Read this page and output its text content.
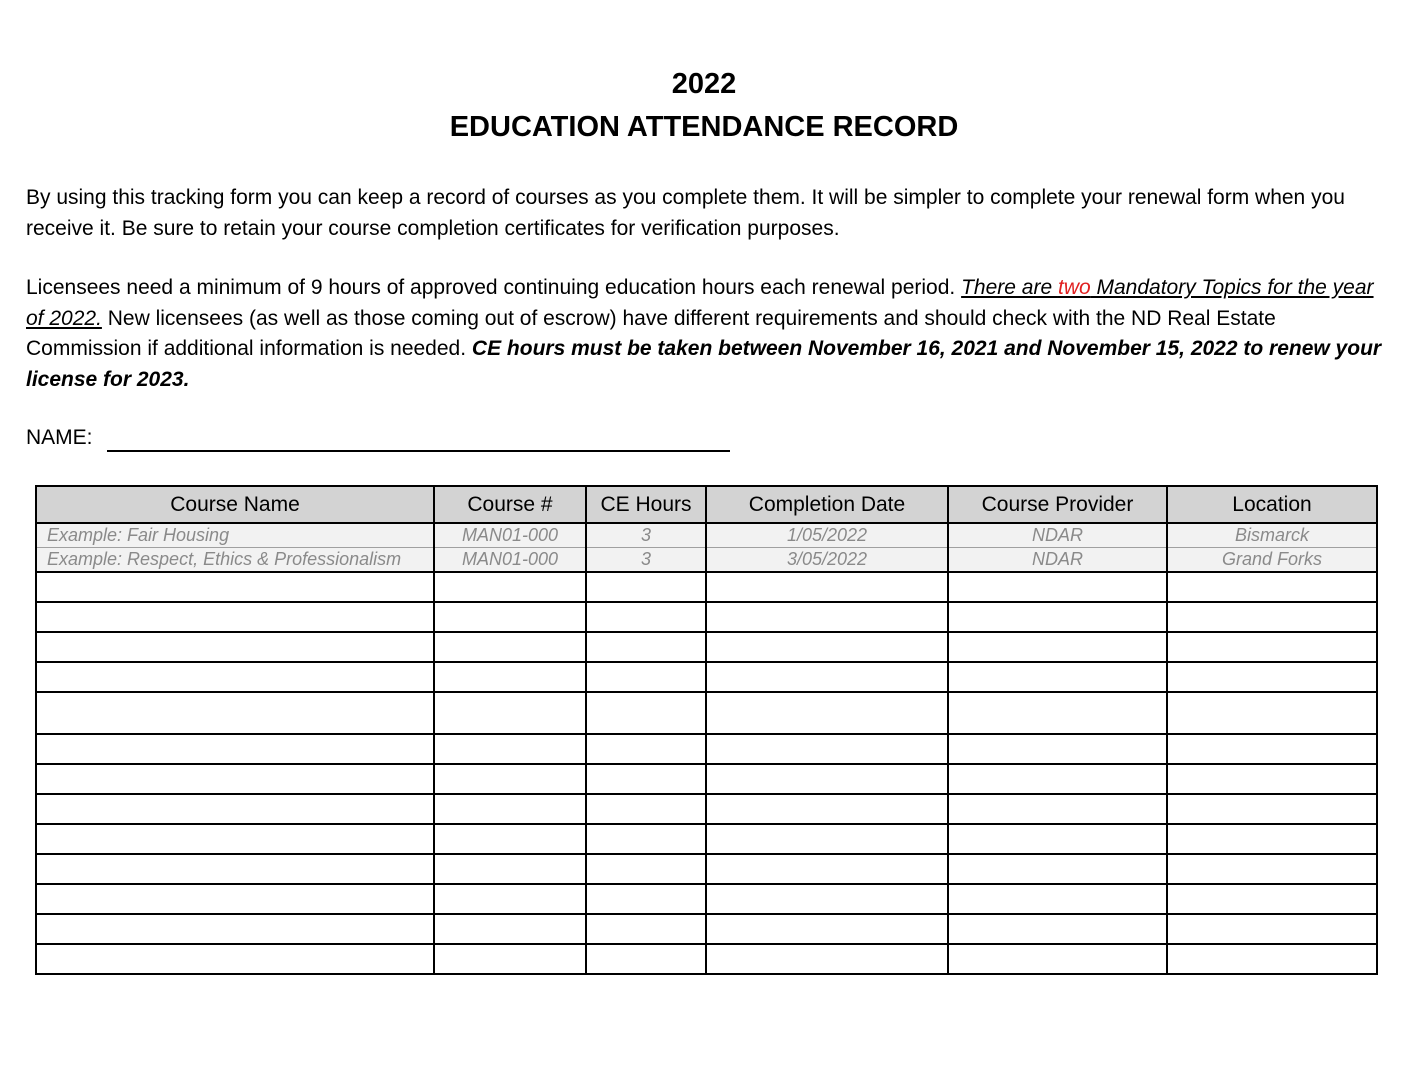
2022
EDUCATION ATTENDANCE RECORD

By using this tracking form you can keep a record of courses as you complete them. It will be simpler to complete your renewal form when you receive it. Be sure to retain your course completion certificates for verification purposes.

Licensees need a minimum of 9 hours of approved continuing education hours each renewal period. There are two Mandatory Topics for the year of 2022. New licensees (as well as those coming out of escrow) have different requirements and should check with the ND Real Estate Commission if additional information is needed. CE hours must be taken between November 16, 2021 and November 15, 2022 to renew your license for 2023.

NAME:
Course Name	Course #	CE Hours	Completion Date	Course Provider	Location
Example: Fair Housing	MAN01-000	3	1/05/2022	NDAR	Bismarck
Example: Respect, Ethics & Professionalism	MAN01-000	3	3/05/2022	NDAR	Grand Forks
